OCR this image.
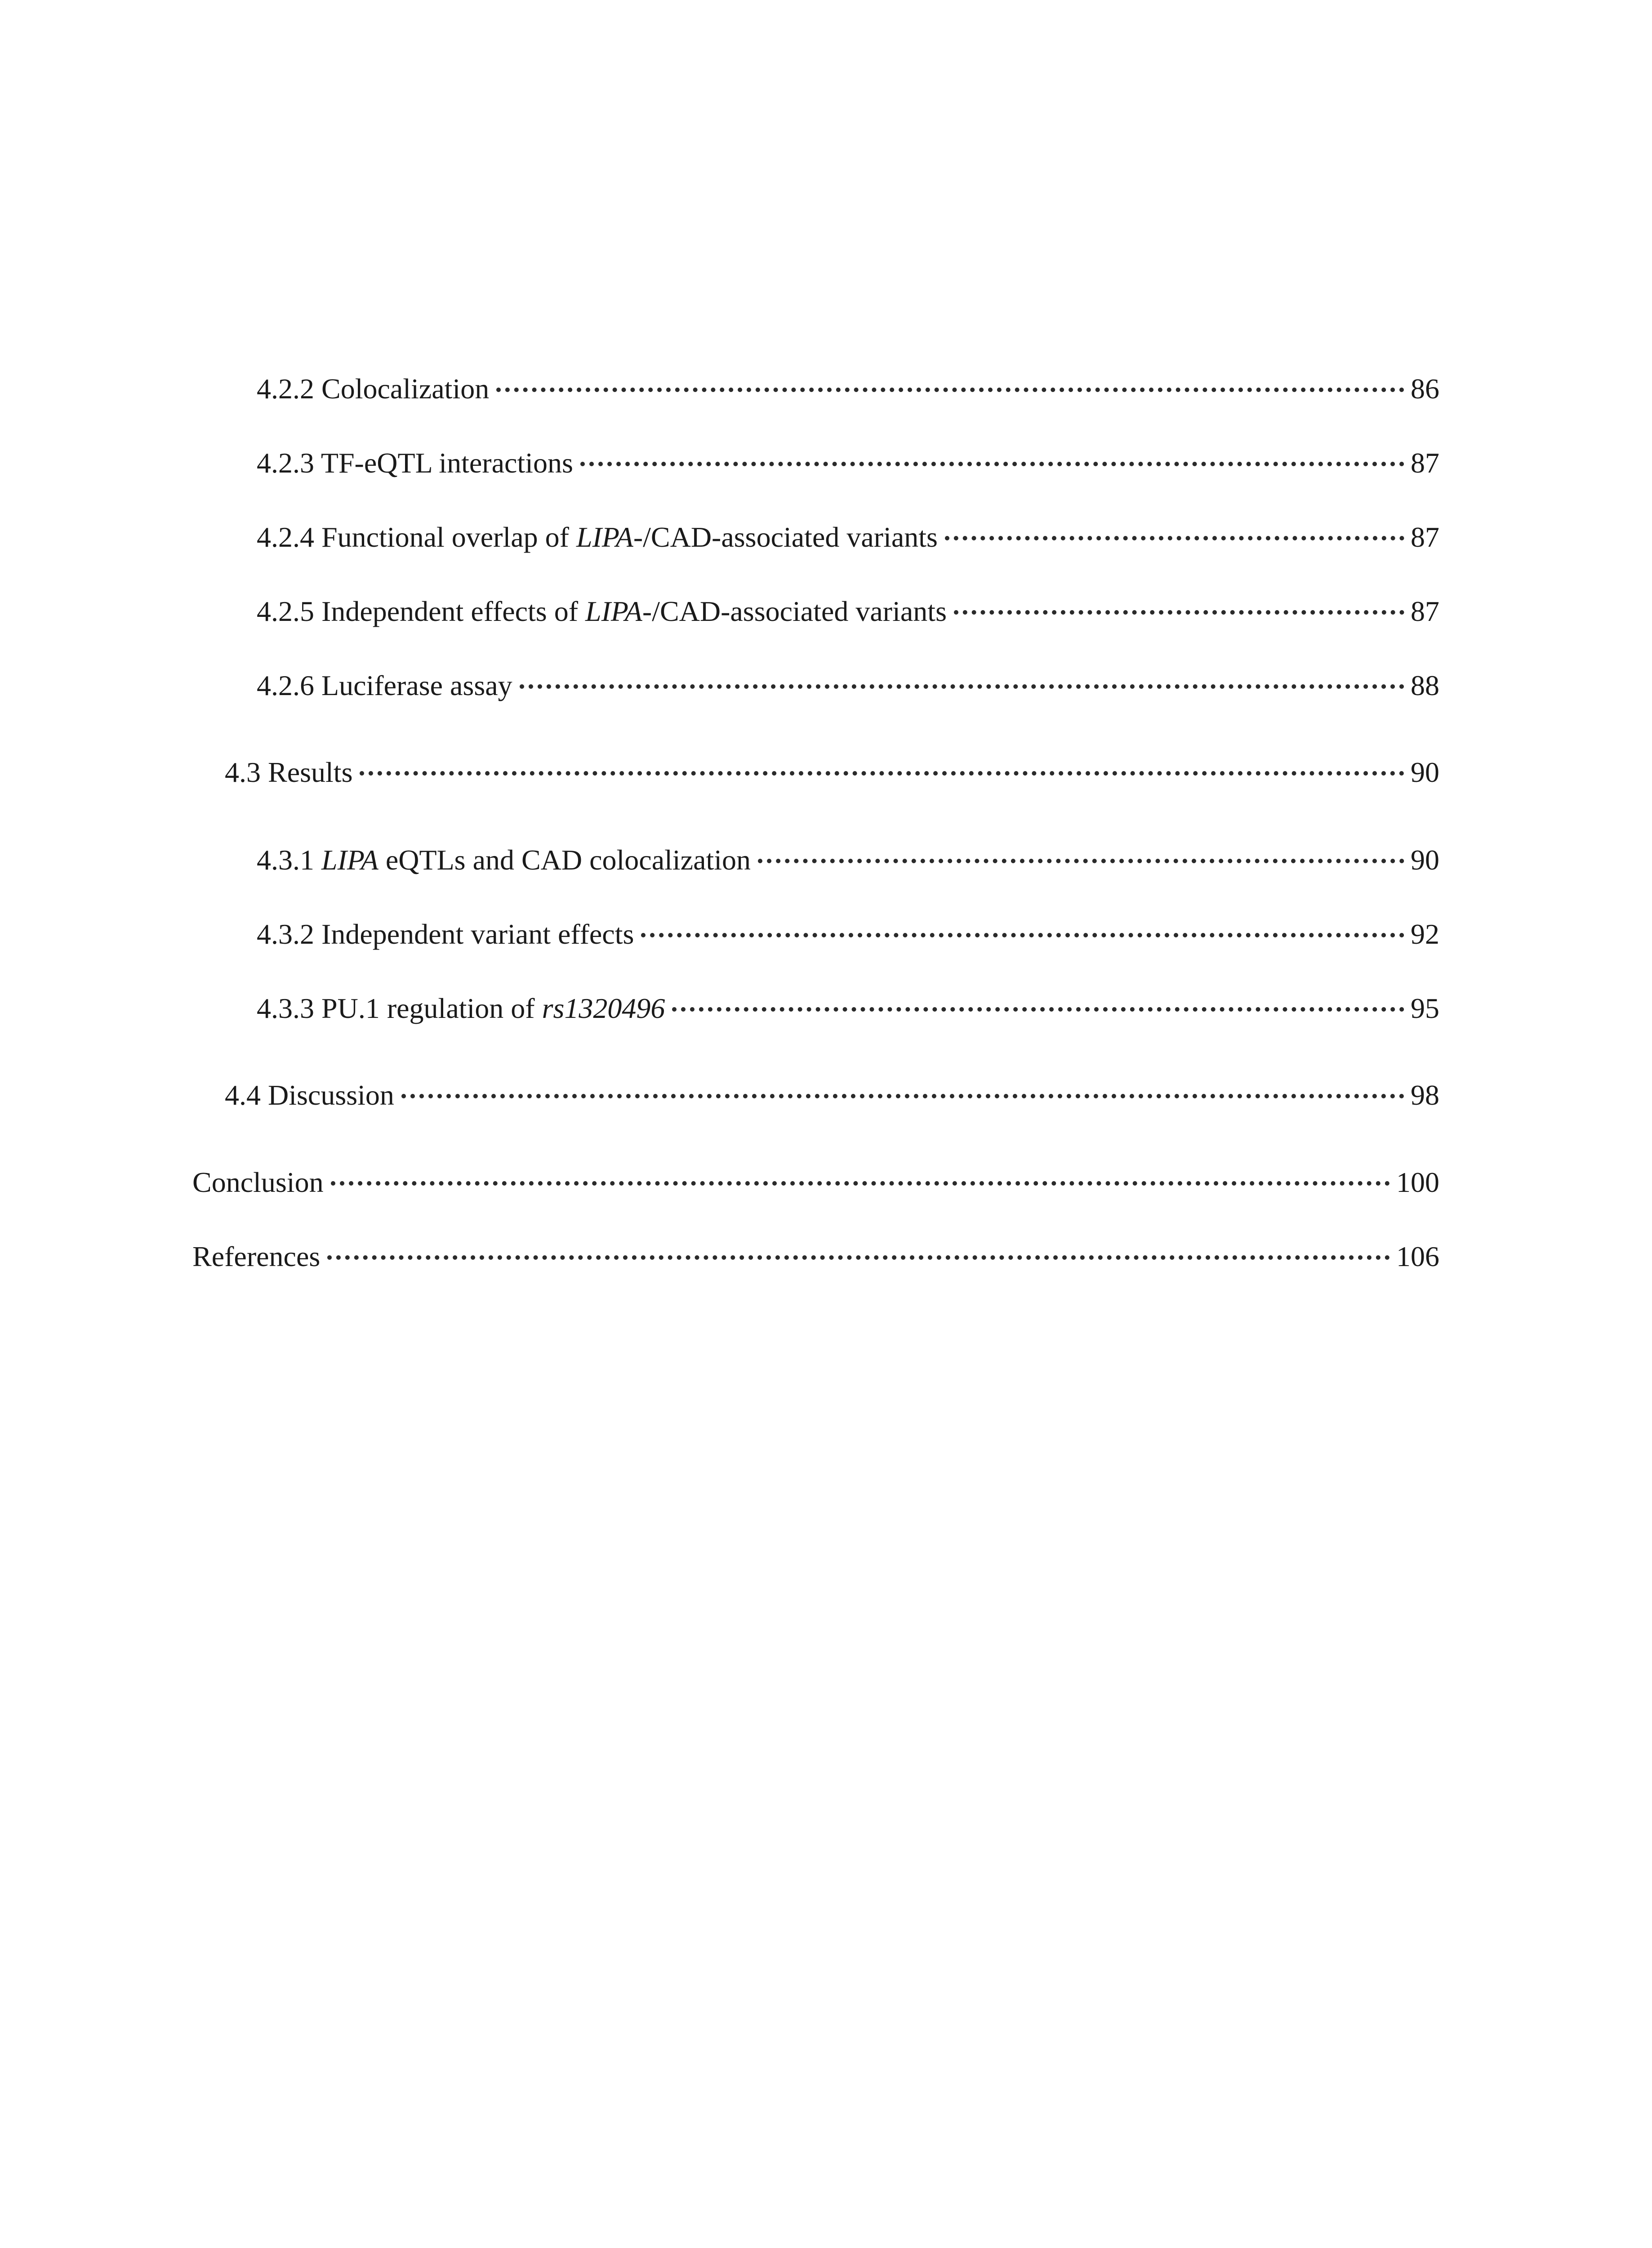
4.2.2 Colocalization	86
4.2.3 TF-eQTL interactions	87
4.2.4 Functional overlap of LIPA-/CAD-associated variants	87
4.2.5 Independent effects of LIPA-/CAD-associated variants	87
4.2.6 Luciferase assay	88
4.3 Results	90
4.3.1 LIPA eQTLs and CAD colocalization	90
4.3.2 Independent variant effects	92
4.3.3 PU.1 regulation of rs1320496	95
4.4 Discussion	98
Conclusion	100
References	106
